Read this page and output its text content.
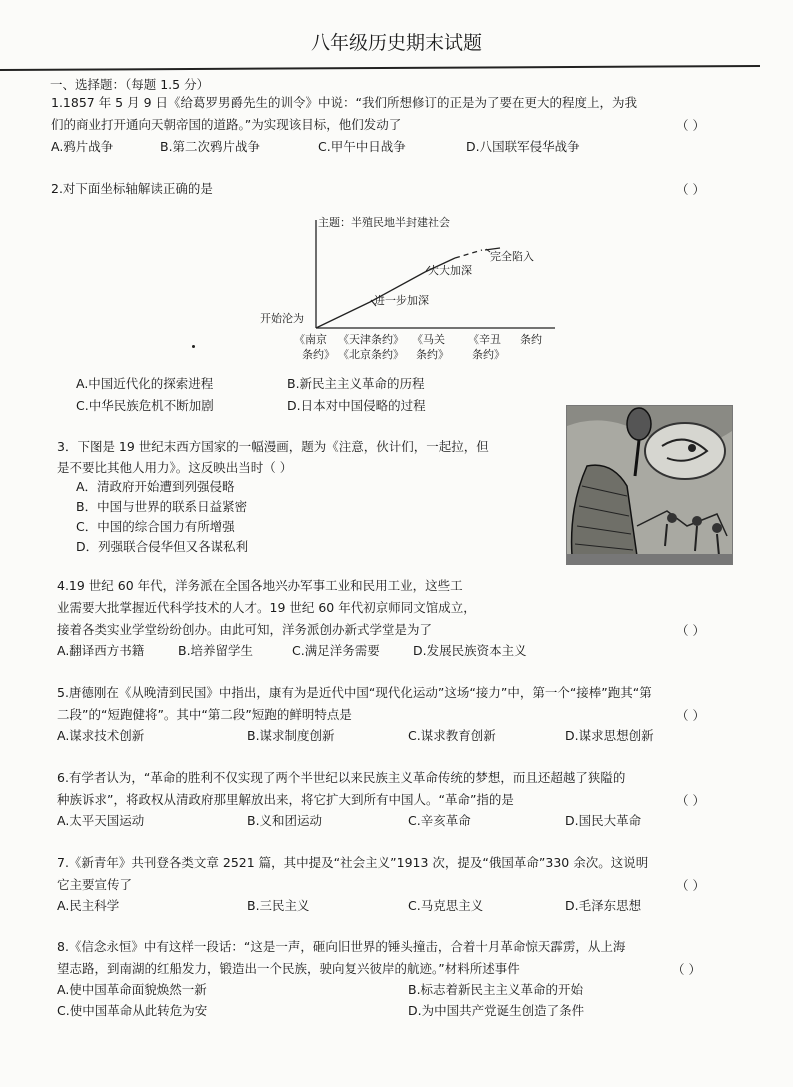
八年级历史期末试题
一、选择题：（每题 1.5 分）
1.1857 年 5 月 9 日《给葛罗男爵先生的训令》中说：“我们所想修订的正是为了要在更大的程度上，为我
们的商业打开通向天朝帝国的道路。”为实现该目标，他们发动了	（ ）
A.鸦片战争	B.第二次鸦片战争	C.甲午中日战争	D.八国联军侵华战争
2.对下面坐标轴解读正确的是	（ ）
主题：半殖民地半封建社会
开始沦为
进一步加深
大大加深
完全陷入
《南京
条约》
《天津条约》
《北京条约》
《马关
条约》
《辛丑
条约》
条约
A.中国近代化的探索进程	B.新民主主义革命的历程
C.中华民族危机不断加剧	D.日本对中国侵略的过程
3．下图是 19 世纪末西方国家的一幅漫画，题为《注意，伙计们，一起拉，但
是不要比其他人用力》。这反映出当时（ ）
A．清政府开始遭到列强侵略
B．中国与世界的联系日益紧密
C．中国的综合国力有所增强
D．列强联合侵华但又各谋私利
4.19 世纪 60 年代，洋务派在全国各地兴办军事工业和民用工业，这些工
业需要大批掌握近代科学技术的人才。19 世纪 60 年代初京师同文馆成立，
接着各类实业学堂纷纷创办。由此可知，洋务派创办新式学堂是为了	（ ）
A.翻译西方书籍	B.培养留学生	C.满足洋务需要	D.发展民族资本主义
5.唐德刚在《从晚清到民国》中指出，康有为是近代中国“现代化运动”这场“接力”中，第一个“接棒”跑其“第
二段”的“短跑健将”。其中“第二段”短跑的鲜明特点是	（ ）
A.谋求技术创新	B.谋求制度创新	C.谋求教育创新	D.谋求思想创新
6.有学者认为，“革命的胜利不仅实现了两个半世纪以来民族主义革命传统的梦想，而且还超越了狭隘的
种族诉求”，将政权从清政府那里解放出来，将它扩大到所有中国人。“革命”指的是	（ ）
A.太平天国运动	B.义和团运动	C.辛亥革命	D.国民大革命
7.《新青年》共刊登各类文章 2521 篇，其中提及“社会主义”1913 次，提及“俄国革命”330 余次。这说明
它主要宣传了	（ ）
A.民主科学	B.三民主义	C.马克思主义	D.毛泽东思想
8.《信念永恒》中有这样一段话：“这是一声，砸向旧世界的锤头撞击，合着十月革命惊天霹雳，从上海
望志路，到南湖的红船发力，锻造出一个民族，驶向复兴彼岸的航迹。”材料所述事件	（ ）
A.使中国革命面貌焕然一新	B.标志着新民主主义革命的开始
C.使中国革命从此转危为安	D.为中国共产党诞生创造了条件
